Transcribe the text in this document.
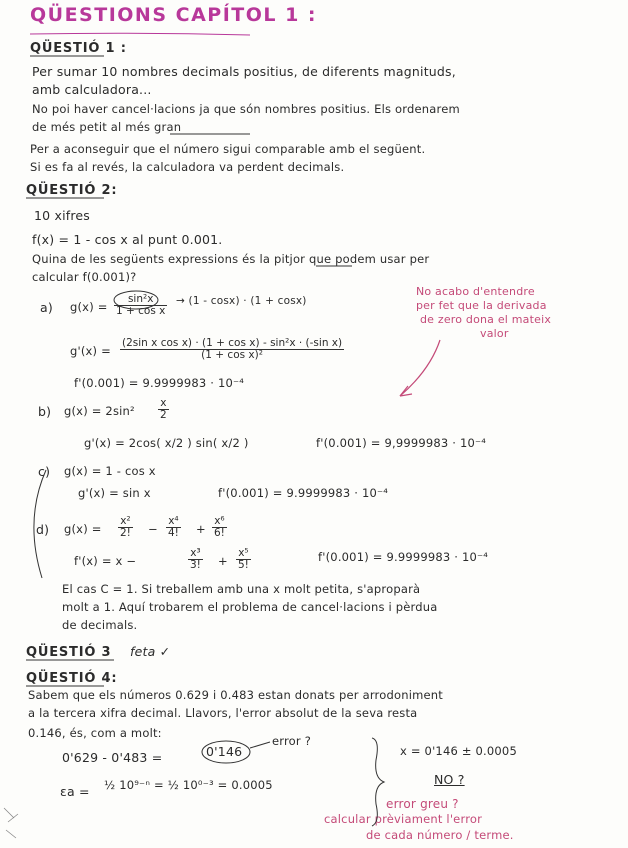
QÜESTIONS CAPÍTOL 1 :
QÜESTIÓ 1 :
Per sumar 10 nombres decimals positius, de diferents magnituds,
amb calculadora...
No poi haver cancel·lacions ja que són nombres positius. Els ordenarem
de més petit al més gran
Per a aconseguir que el número sigui comparable amb el següent.
Si es fa al revés, la calculadora va perdent decimals.
QÜESTIÓ 2:
10 xifres
f(x) = 1 - cos x al punt 0.001.
Quina de les següents expressions és la pitjor que podem usar per
calcular f(0.001)?
a) $g(x) = \frac{\text{sin²x}}{\text{1 + cos x}} \to (1 - \cos x) \cdot (1 + \cos x)$
No acabo d'entendre
per fet que la derivada
de zero dona el mateix
valor
$g'(x) = \frac{\text{(2sin x cos x) · (1 + cos x) - sin²x · (-sin x)}}{\text{(1 + cos x)²}}$
f'(0.001) = 9.9999983 · 10⁻⁴
b) $g(x) = 2\sin^2 \frac{x}{2}$
g'(x) = 2cos( x/2 ) sin( x/2 )	f'(0.001) = 9,9999983 · 10⁻⁴
c) g(x) = 1 - cos x
g'(x) = sin x	f'(0.001) = 9.9999983 · 10⁻⁴
d) $g(x) = \frac{\text{x²}}{2!} - \frac{\text{x⁴}}{4!} + \frac{\text{x⁶}}{6!}$
f'(x) = x −	$\frac{\text{x³}}{3!} + \frac{\text{x⁵}}{5!}$	f'(0.001) = 9.9999983 · 10⁻⁴
El cas C = 1. Si treballem amb una x molt petita, s'aproparà
molt a 1. Aquí trobarem el problema de cancel·lacions i pèrdua
de decimals.
QÜESTIÓ 3 feta ✓
QÜESTIÓ 4:
Sabem que els números 0.629 i 0.483 estan donats per arrodoniment
a la tercera xifra decimal. Llavors, l'error absolut de la seva resta
0.146, és, com a molt:
0'629 - 0'483 =	0'146
error ?
εa = ½ 10⁹⁻ⁿ = ½ 10⁰⁻³ = 0.0005
x = 0'146 ± 0.0005
NO ?
error greu ?
calcular prèviament l'error
de cada número / terme.
